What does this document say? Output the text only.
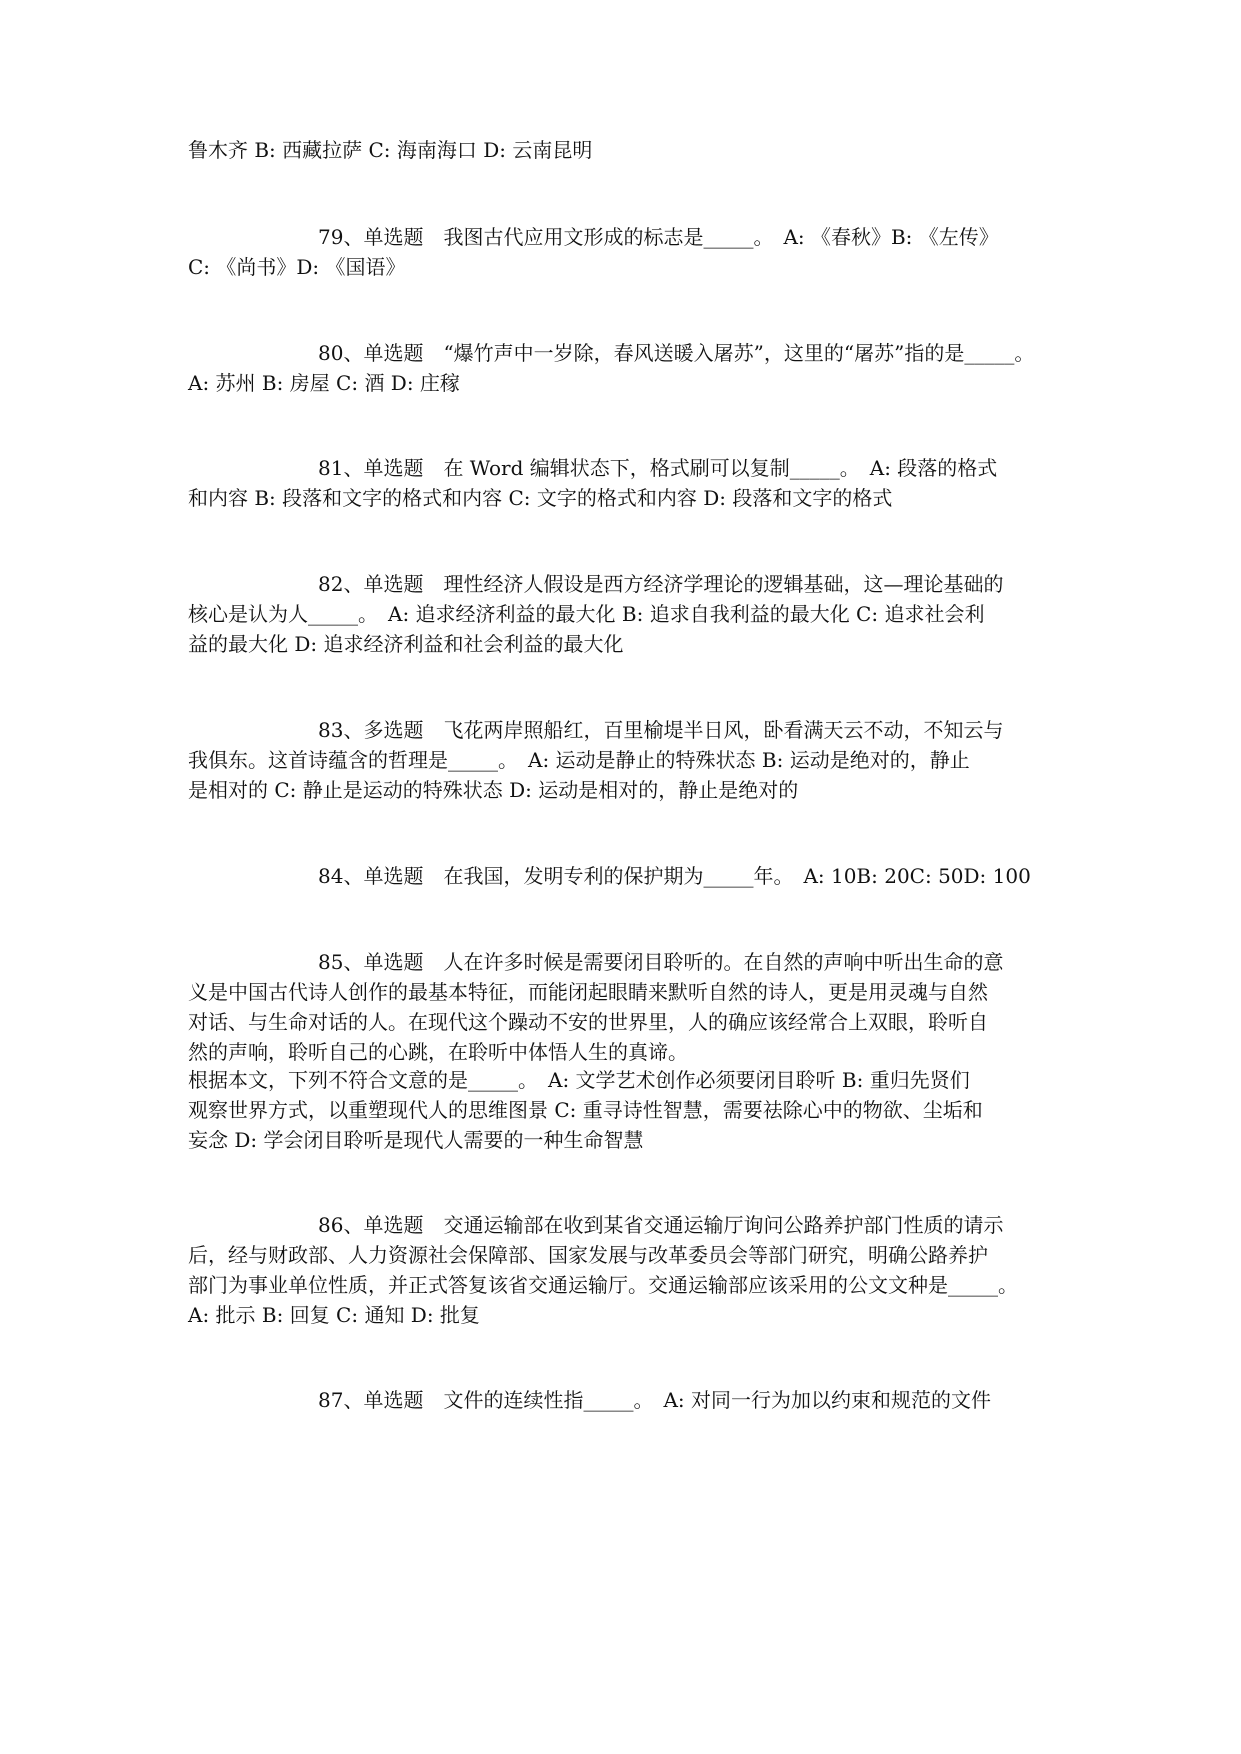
鲁木齐 B: 西藏拉萨 C: 海南海口 D: 云南昆明
79、单选题　我图古代应用文形成的标志是_____。　A: 《春秋》B: 《左传》
C: 《尚书》D: 《国语》
80、单选题　“爆竹声中一岁除，春风送暖入屠苏”，这里的“屠苏”指的是_____。
A: 苏州 B: 房屋 C: 酒 D: 庄稼
81、单选题　在 Word 编辑状态下，格式刷可以复制_____。　A: 段落的格式
和内容 B: 段落和文字的格式和内容 C: 文字的格式和内容 D: 段落和文字的格式
82、单选题　理性经济人假设是西方经济学理论的逻辑基础，这—理论基础的
核心是认为人_____。　A: 追求经济利益的最大化 B: 追求自我利益的最大化 C: 追求社会利
益的最大化 D: 追求经济利益和社会利益的最大化
83、多选题　飞花两岸照船红，百里榆堤半日风，卧看满天云不动，不知云与
我俱东。这首诗蕴含的哲理是_____。　A: 运动是静止的特殊状态 B: 运动是绝对的，静止
是相对的 C: 静止是运动的特殊状态 D: 运动是相对的，静止是绝对的
84、单选题　在我国，发明专利的保护期为_____年。　A: 10B: 20C: 50D: 100
85、单选题　人在许多时候是需要闭目聆听的。在自然的声响中听出生命的意
义是中国古代诗人创作的最基本特征，而能闭起眼睛来默听自然的诗人，更是用灵魂与自然
对话、与生命对话的人。在现代这个躁动不安的世界里，人的确应该经常合上双眼，聆听自
然的声响，聆听自己的心跳，在聆听中体悟人生的真谛。
根据本文，下列不符合文意的是_____。　A: 文学艺术创作必须要闭目聆听 B: 重归先贤们
观察世界方式，以重塑现代人的思维图景 C: 重寻诗性智慧，需要祛除心中的物欲、尘垢和
妄念 D: 学会闭目聆听是现代人需要的一种生命智慧
86、单选题　交通运输部在收到某省交通运输厅询问公路养护部门性质的请示
后，经与财政部、人力资源社会保障部、国家发展与改革委员会等部门研究，明确公路养护
部门为事业单位性质，并正式答复该省交通运输厅。交通运输部应该采用的公文文种是_____。
A: 批示 B: 回复 C: 通知 D: 批复
87、单选题　文件的连续性指_____。　A: 对同一行为加以约束和规范的文件
